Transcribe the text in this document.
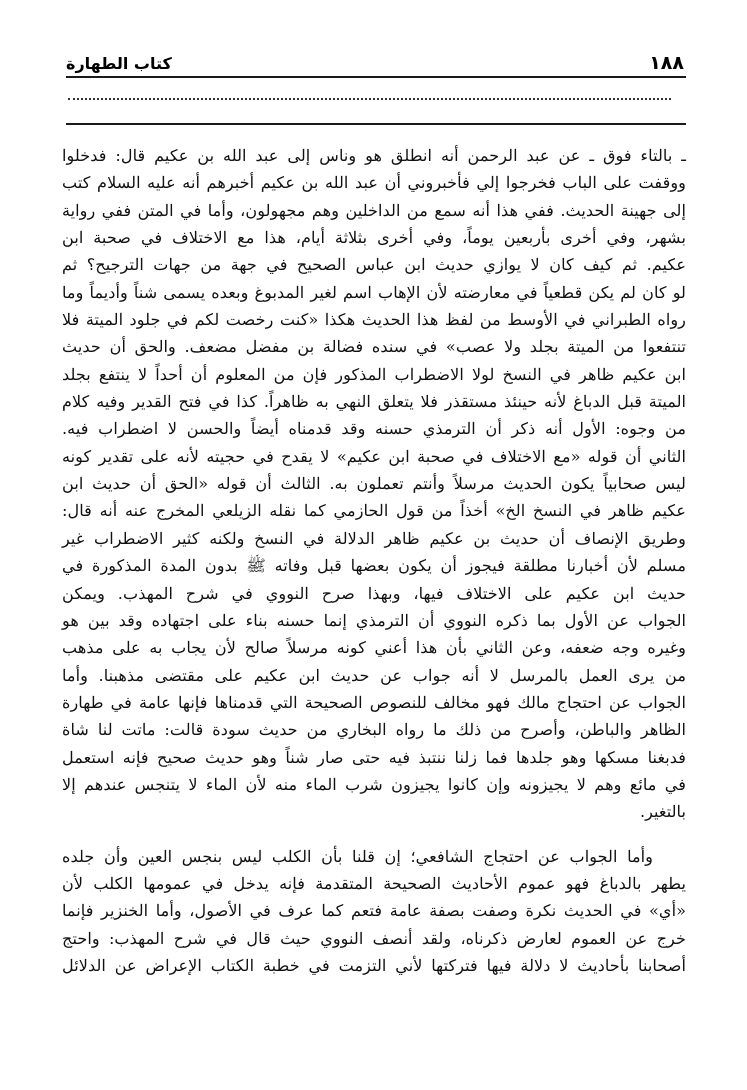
كتاب الطهارة	١٨٨
ـ بالتاء فوق ـ عن عبد الرحمن أنه انطلق هو وناس إلى عبد الله بن عكيم قال: فدخلوا
ووقفت على الباب فخرجوا إلي فأخبروني أن عبد الله بن عكيم أخبرهم أنه عليه السلام كتب
إلى جهينة الحديث. ففي هذا أنه سمع من الداخلين وهم مجهولون، وأما في المتن ففي رواية
بشهر، وفي أخرى بأربعين يوماً، وفي أخرى بثلاثة أيام، هذا مع الاختلاف في صحبة ابن
عكيم. ثم كيف كان لا يوازي حديث ابن عباس الصحيح في جهة من جهات الترجيح؟ ثم
لو كان لم يكن قطعياً في معارضته لأن الإهاب اسم لغير المدبوغ وبعده يسمى شناً وأديماً وما
رواه الطبراني في الأوسط من لفظ هذا الحديث هكذا «كنت رخصت لكم في جلود الميتة فلا
تنتفعوا من الميتة بجلد ولا عصب» في سنده فضالة بن مفضل مضعف. والحق أن حديث
ابن عكيم ظاهر في النسخ لولا الاضطراب المذكور فإن من المعلوم أن أحداً لا ينتفع بجلد
الميتة قبل الدباغ لأنه حينئذ مستقذر فلا يتعلق النهي به ظاهراً. كذا في فتح القدير وفيه كلام
من وجوه: الأول أنه ذكر أن الترمذي حسنه وقد قدمناه أيضاً والحسن لا اضطراب فيه.
الثاني أن قوله «مع الاختلاف في صحبة ابن عكيم» لا يقدح في حجيته لأنه على تقدير كونه
ليس صحابياً يكون الحديث مرسلاً وأنتم تعملون به. الثالث أن قوله «الحق أن حديث ابن
عكيم ظاهر في النسخ الخ» أخذاً من قول الحازمي كما نقله الزيلعي المخرج عنه أنه قال:
وطريق الإنصاف أن حديث بن عكيم ظاهر الدلالة في النسخ ولكنه كثير الاضطراب غير
مسلم لأن أخبارنا مطلقة فيجوز أن يكون بعضها قبل وفاته ﷺ بدون المدة المذكورة في
حديث ابن عكيم على الاختلاف فيها، وبهذا صرح النووي في شرح المهذب. ويمكن
الجواب عن الأول بما ذكره النووي أن الترمذي إنما حسنه بناء على اجتهاده وقد بين هو
وغيره وجه ضعفه، وعن الثاني بأن هذا أعني كونه مرسلاً صالح لأن يجاب به على مذهب
من يرى العمل بالمرسل لا أنه جواب عن حديث ابن عكيم على مقتضى مذهبنا. وأما
الجواب عن احتجاج مالك فهو مخالف للنصوص الصحيحة التي قدمناها فإنها عامة في طهارة
الظاهر والباطن، وأصرح من ذلك ما رواه البخاري من حديث سودة قالت: ماتت لنا شاة
فدبغنا مسكها وهو جلدها فما زلنا ننتبذ فيه حتى صار شناً وهو حديث صحيح فإنه استعمل
في مائع وهم لا يجيزونه وإن كانوا يجيزون شرب الماء منه لأن الماء لا يتنجس عندهم إلا
بالتغير.
وأما الجواب عن احتجاج الشافعي؛ إن قلنا بأن الكلب ليس بنجس العين وأن جلده
يطهر بالدباغ فهو عموم الأحاديث الصحيحة المتقدمة فإنه يدخل في عمومها الكلب لأن
«أي» في الحديث نكرة وصفت بصفة عامة فتعم كما عرف في الأصول، وأما الخنزير فإنما
خرج عن العموم لعارض ذكرناه، ولقد أنصف النووي حيث قال في شرح المهذب: واحتج
أصحابنا بأحاديث لا دلالة فيها فتركتها لأني التزمت في خطبة الكتاب الإعراض عن الدلائل
